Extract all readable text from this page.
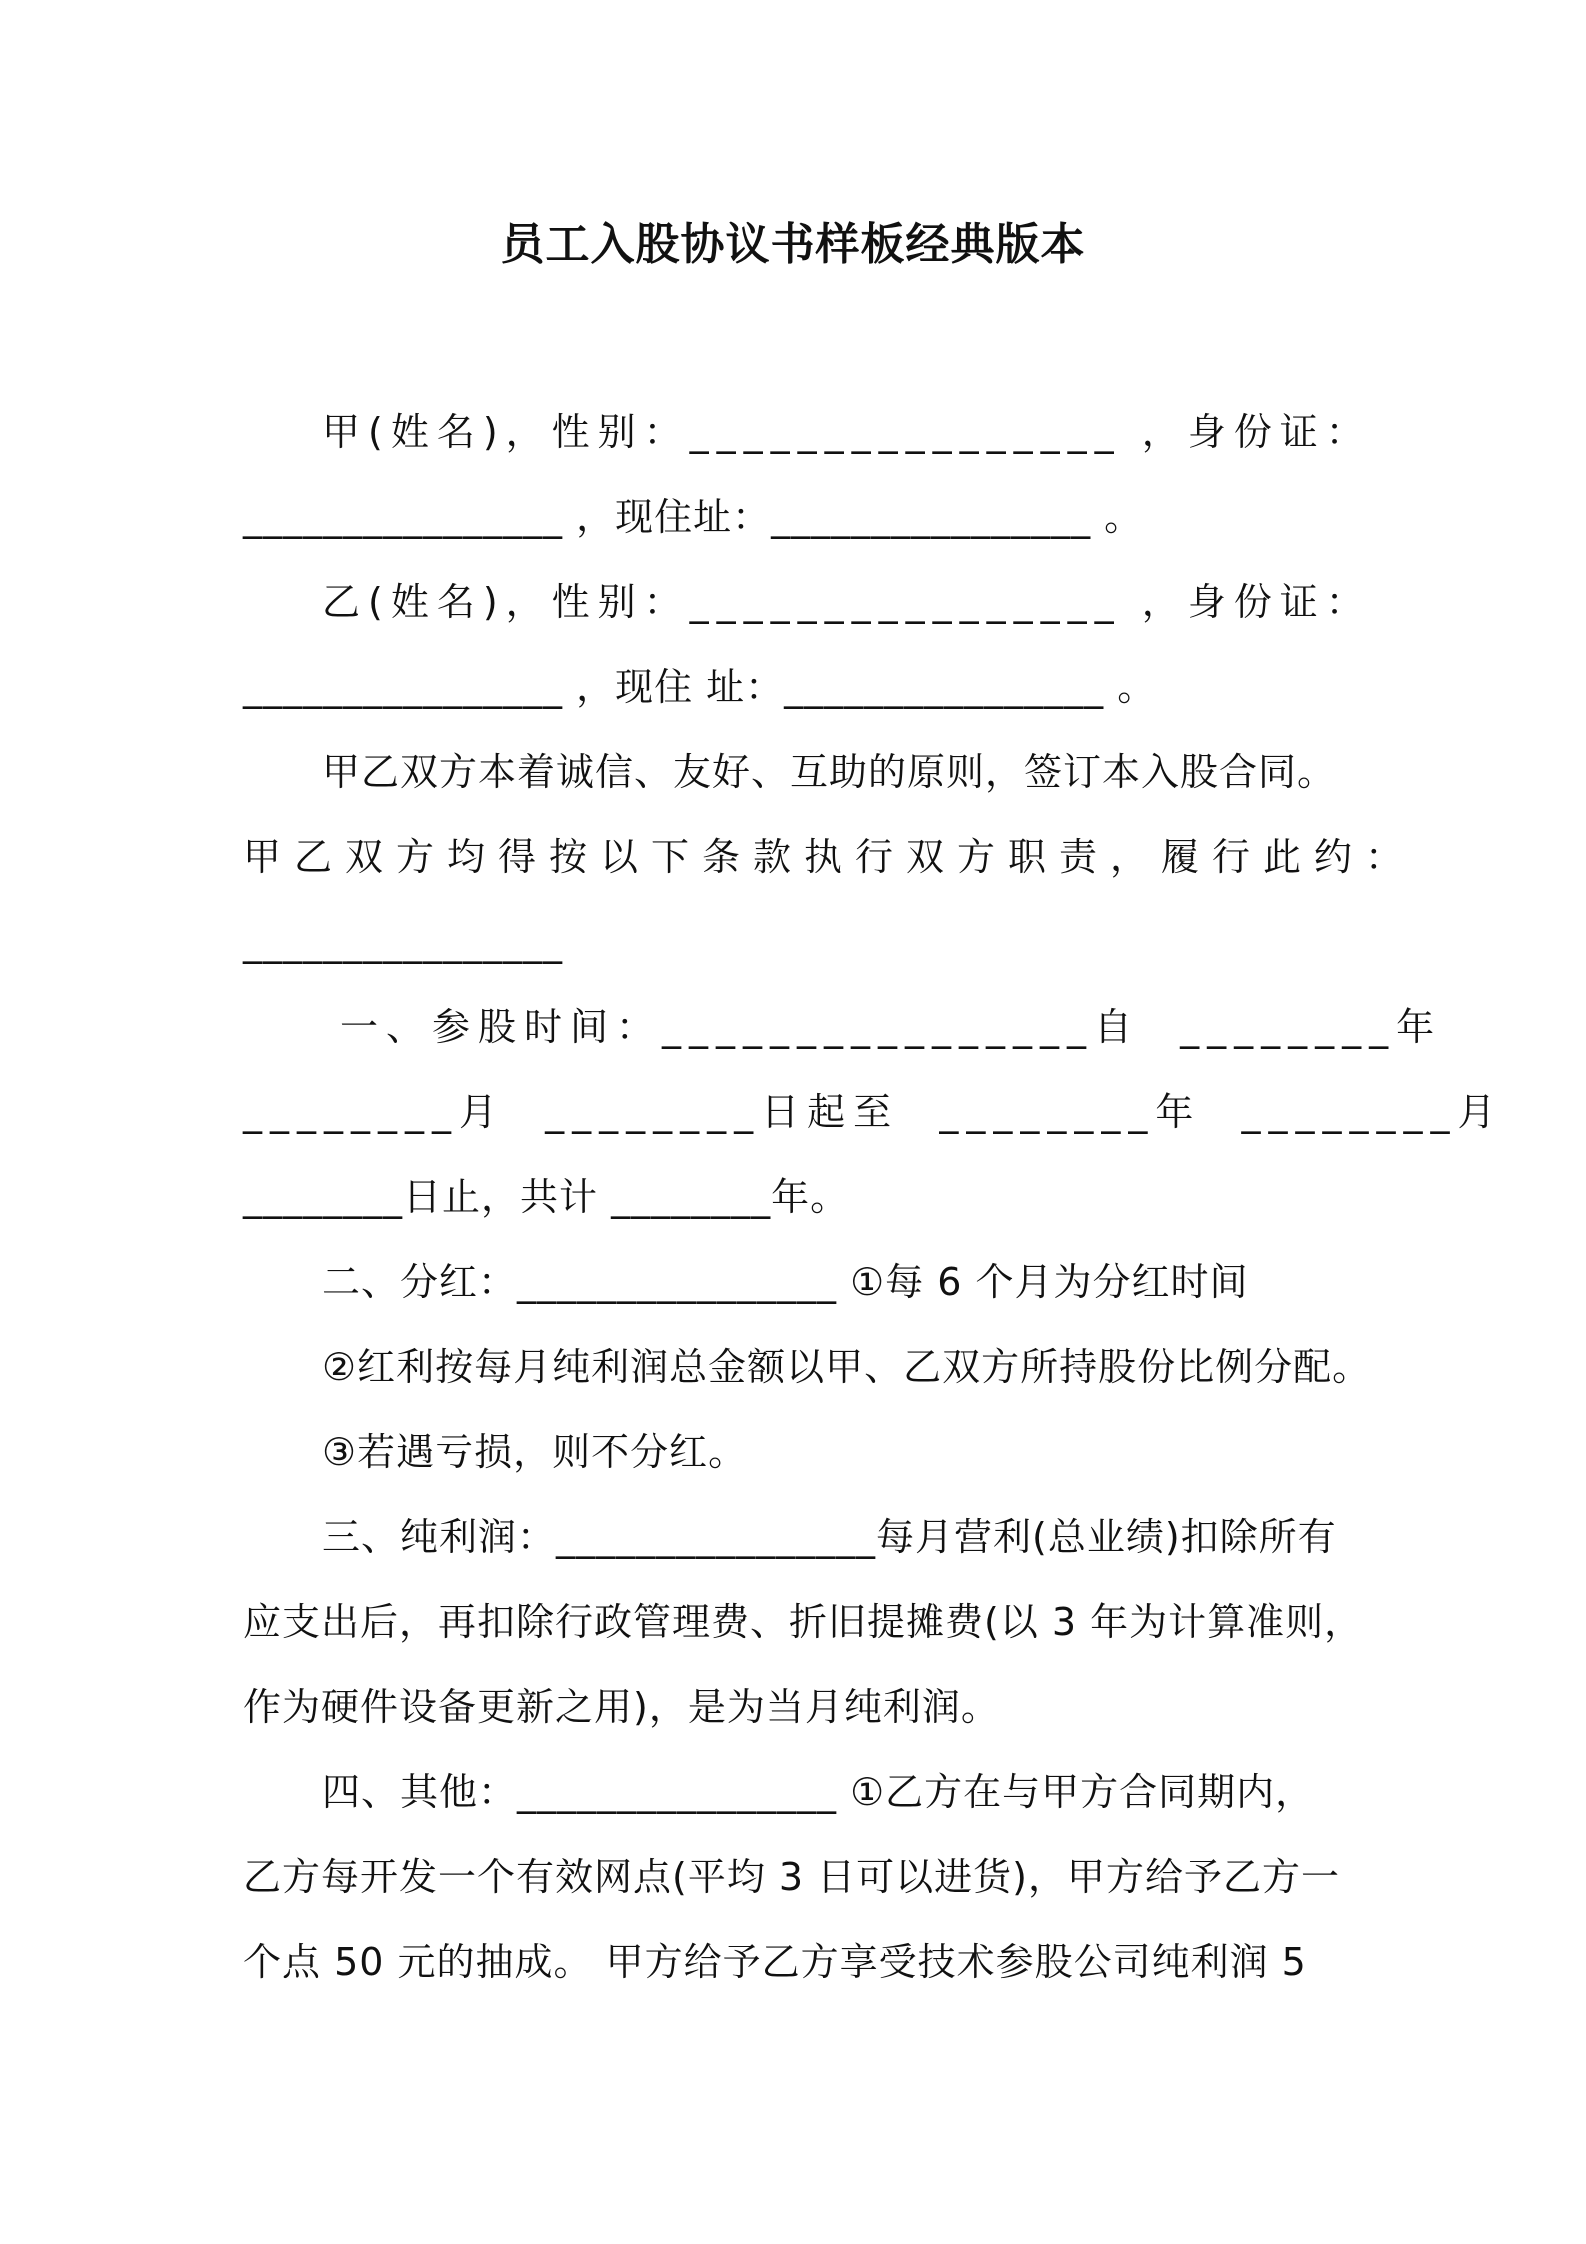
员工入股协议书样板经典版本
甲(姓名)，性别：________________ ，身份证：
________________ ，现住址：________________ 。
乙(姓名)，性别：________________ ，身份证：
________________ ，现住 址：________________ 。
甲乙双方本着诚信、友好、互助的原则，签订本入股合同。
甲乙双方均得按以下条款执行双方职责，履行此约：
________________
一、参股时间：________________自  ________年
________月  ________日起至  ________年  ________月
________日止，共计 ________年。
二、分红：________________ ①每 6 个月为分红时间
②红利按每月纯利润总金额以甲、乙双方所持股份比例分配。
③若遇亏损，则不分红。
三、纯利润：________________每月营利(总业绩)扣除所有
应支出后，再扣除行政管理费、折旧提摊费(以 3 年为计算准则，
作为硬件设备更新之用)，是为当月纯利润。
四、其他：________________ ①乙方在与甲方合同期内，
乙方每开发一个有效网点(平均 3 日可以进货)，甲方给予乙方一
个点 50 元的抽成。 甲方给予乙方享受技术参股公司纯利润 5
